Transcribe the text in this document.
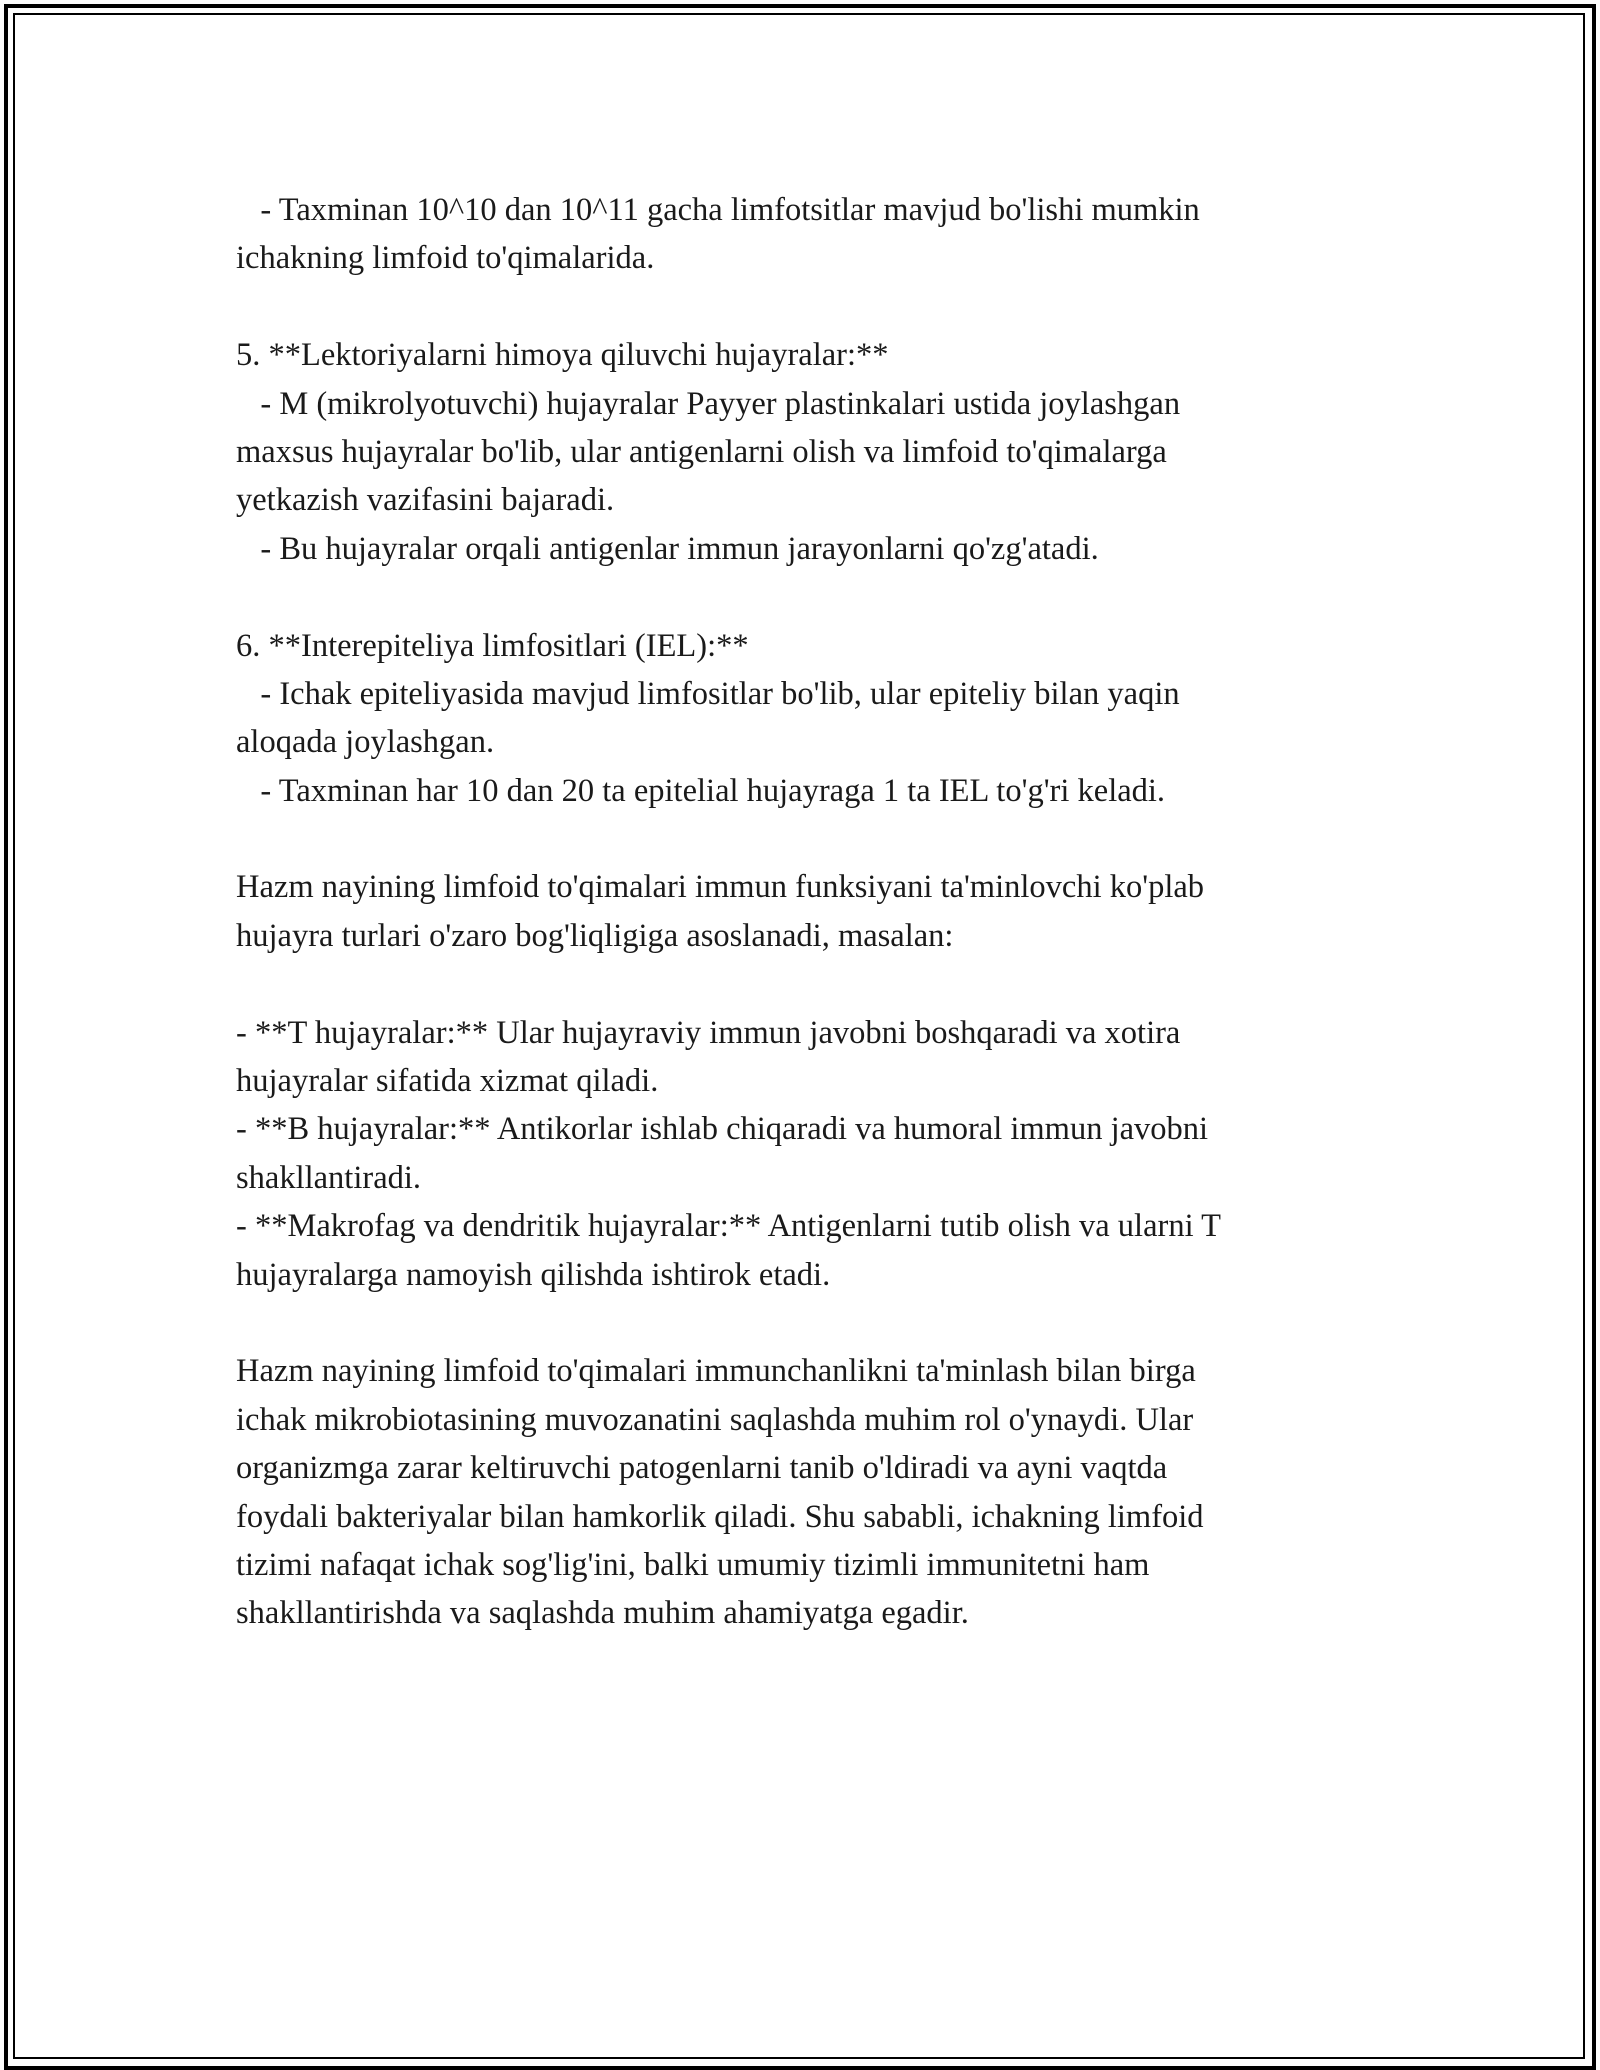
- Taxminan 10^10 dan 10^11 gacha limfotsitlar mavjud bo'lishi mumkin
ichakning limfoid to'qimalarida.
5. **Lektoriyalarni himoya qiluvchi hujayralar:**
- M (mikrolyotuvchi) hujayralar Payyer plastinkalari ustida joylashgan
maxsus hujayralar bo'lib, ular antigenlarni olish va limfoid to'qimalarga
yetkazish vazifasini bajaradi.
- Bu hujayralar orqali antigenlar immun jarayonlarni qo'zg'atadi.
6. **Interepiteliya limfositlari (IEL):**
- Ichak epiteliyasida mavjud limfositlar bo'lib, ular epiteliy bilan yaqin
aloqada joylashgan.
- Taxminan har 10 dan 20 ta epitelial hujayraga 1 ta IEL to'g'ri keladi.
Hazm nayining limfoid to'qimalari immun funksiyani ta'minlovchi ko'plab
hujayra turlari o'zaro bog'liqligiga asoslanadi, masalan:
- **T hujayralar:** Ular hujayraviy immun javobni boshqaradi va xotira
hujayralar sifatida xizmat qiladi.
- **B hujayralar:** Antikorlar ishlab chiqaradi va humoral immun javobni
shakllantiradi.
- **Makrofag va dendritik hujayralar:** Antigenlarni tutib olish va ularni T
hujayralarga namoyish qilishda ishtirok etadi.
Hazm nayining limfoid to'qimalari immunchanlikni ta'minlash bilan birga
ichak mikrobiotasining muvozanatini saqlashda muhim rol o'ynaydi. Ular
organizmga zarar keltiruvchi patogenlarni tanib o'ldiradi va ayni vaqtda
foydali bakteriyalar bilan hamkorlik qiladi. Shu sababli, ichakning limfoid
tizimi nafaqat ichak sog'lig'ini, balki umumiy tizimli immunitetni ham
shakllantirishda va saqlashda muhim ahamiyatga egadir.
